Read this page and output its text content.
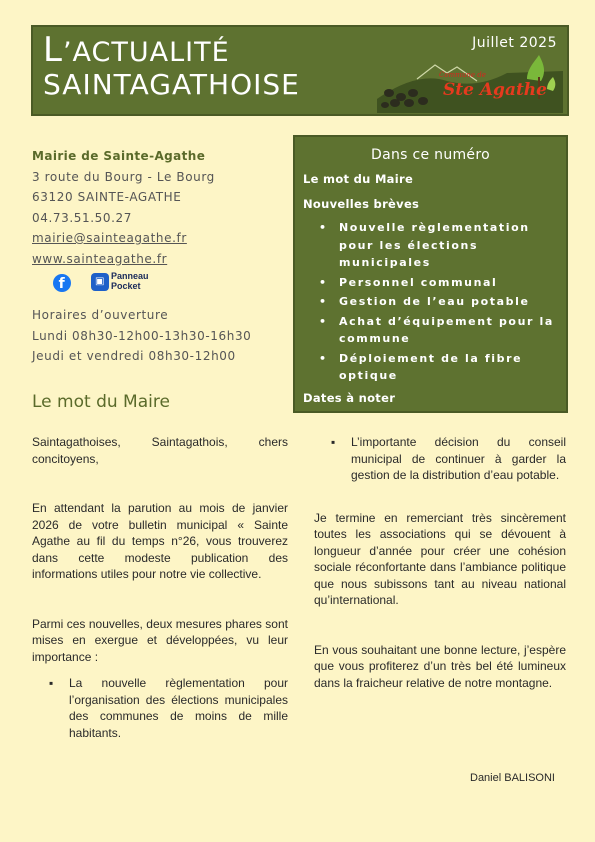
L’ACTUALITÉ
SAINTAGATHOISE
Juillet 2025
Commune de
Ste Agathe
Mairie de Sainte-Agathe
3 route du Bourg - Le Bourg
63120 SAINTE-AGATHE
04.73.51.50.27
mairie@sainteagathe.fr
www.sainteagathe.fr
f	▣ Panneau
Pocket
Horaires d’ouverture
Lundi 08h30-12h00-13h30-16h30
Jeudi et vendredi 08h30-12h00
Dans ce numéro
Le mot du Maire
Nouvelles brèves
• Nouvelle règlementation pour les élections municipales
• Personnel communal
• Gestion de l’eau potable
• Achat d’équipement pour la commune
• Déploiement de la fibre optique
Dates à noter
Le mot du Maire

Saintagathoises, Saintagathois, chers concitoyens,

En attendant la parution au mois de janvier 2026 de votre bulletin municipal « Sainte Agathe au fil du temps n°26, vous trouverez dans cette modeste publication des informations utiles pour notre vie collective.

Parmi ces nouvelles, deux mesures phares sont mises en exergue et développées, vu leur importance :

▪ La nouvelle règlementation pour l’organisation des élections municipales des communes de moins de mille habitants.

▪ L’importante décision du conseil municipal de continuer à garder la gestion de la distribution d’eau potable.

Je termine en remerciant très sincèrement toutes les associations qui se dévouent à longueur d’année pour créer une cohésion sociale réconfortante dans l’ambiance politique que nous subissons tant au niveau national qu’international.

En vous souhaitant une bonne lecture, j’espère que vous profiterez d’un très bel été lumineux dans la fraicheur relative de notre montagne.

Daniel BALISONI
